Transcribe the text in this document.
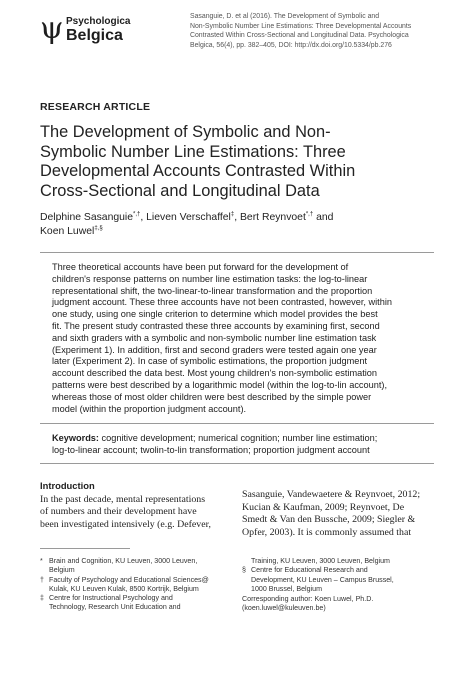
ψ Psychologica
Belgica
Sasanguie, D. et al (2016). The Development of Symbolic and
Non-Symbolic Number Line Estimations: Three Developmental Accounts
Contrasted Within Cross-Sectional and Longitudinal Data. Psychologica
Belgica, 56(4), pp. 382–405, DOI: http://dx.doi.org/10.5334/pb.276
RESEARCH ARTICLE
The Development of Symbolic and Non-
Symbolic Number Line Estimations: Three
Developmental Accounts Contrasted Within
Cross-Sectional and Longitudinal Data
Delphine Sasanguie*,†, Lieven Verschaffel‡, Bert Reynvoet*,† and
Koen Luwel‡,§
Three theoretical accounts have been put forward for the development of
children's response patterns on number line estimation tasks: the log-to-linear
representational shift, the two-linear-to-linear transformation and the proportion
judgment account. These three accounts have not been contrasted, however, within
one study, using one single criterion to determine which model provides the best
fit. The present study contrasted these three accounts by examining first, second
and sixth graders with a symbolic and non-symbolic number line estimation task
(Experiment 1). In addition, first and second graders were tested again one year
later (Experiment 2). In case of symbolic estimations, the proportion judgment
account described the data best. Most young children's non-symbolic estimation
patterns were best described by a logarithmic model (within the log-to-lin account),
whereas those of most older children were best described by the simple power
model (within the proportion judgment account).
Keywords: cognitive development; numerical cognition; number line estimation;
log-to-linear account; twolin-to-lin transformation; proportion judgment account
Introduction
In the past decade, mental representations
of numbers and their development have
been investigated intensively (e.g. Defever,
Sasanguie, Vandewaetere & Reynvoet, 2012;
Kucian & Kaufman, 2009; Reynvoet, De
Smedt & Van den Bussche, 2009; Siegler &
Opfer, 2003). It is commonly assumed that
* Brain and Cognition, KU Leuven, 3000 Leuven,
Belgium
† Faculty of Psychology and Educational Sciences@
Kulak, KU Leuven Kulak, 8500 Kortrijk, Belgium
‡ Centre for Instructional Psychology and
Technology, Research Unit Education and
Training, KU Leuven, 3000 Leuven, Belgium
§ Centre for Educational Research and
Development, KU Leuven – Campus Brussel,
1000 Brussel, Belgium
Corresponding author: Koen Luwel, Ph.D.
(koen.luwel@kuleuven.be)
